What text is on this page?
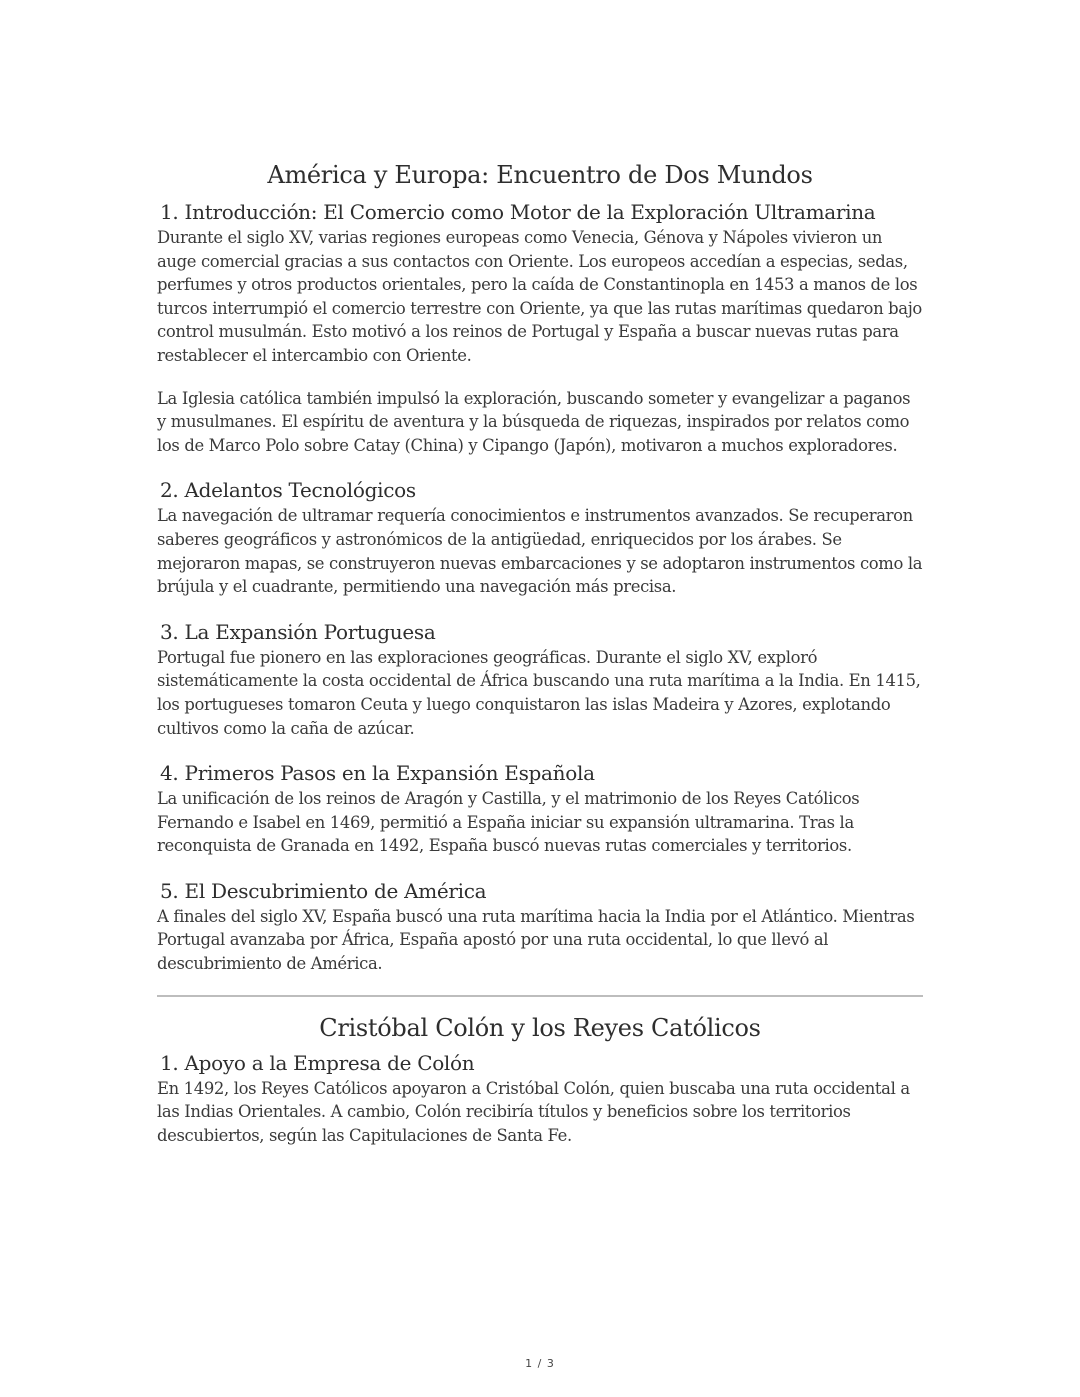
América y Europa: Encuentro de Dos Mundos
1. Introducción: El Comercio como Motor de la Exploración Ultramarina

Durante el siglo XV, varias regiones europeas como Venecia, Génova y Nápoles vivieron un auge comercial gracias a sus contactos con Oriente. Los europeos accedían a especias, sedas, perfumes y otros productos orientales, pero la caída de Constantinopla en 1453 a manos de los turcos interrumpió el comercio terrestre con Oriente, ya que las rutas marítimas quedaron bajo control musulmán. Esto motivó a los reinos de Portugal y España a buscar nuevas rutas para restablecer el intercambio con Oriente.

La Iglesia católica también impulsó la exploración, buscando someter y evangelizar a paganos y musulmanes. El espíritu de aventura y la búsqueda de riquezas, inspirados por relatos como los de Marco Polo sobre Catay (China) y Cipango (Japón), motivaron a muchos exploradores.

2. Adelantos Tecnológicos

La navegación de ultramar requería conocimientos e instrumentos avanzados. Se recuperaron saberes geográficos y astronómicos de la antigüedad, enriquecidos por los árabes. Se mejoraron mapas, se construyeron nuevas embarcaciones y se adoptaron instrumentos como la brújula y el cuadrante, permitiendo una navegación más precisa.

3. La Expansión Portuguesa

Portugal fue pionero en las exploraciones geográficas. Durante el siglo XV, exploró sistemáticamente la costa occidental de África buscando una ruta marítima a la India. En 1415, los portugueses tomaron Ceuta y luego conquistaron las islas Madeira y Azores, explotando cultivos como la caña de azúcar.

4. Primeros Pasos en la Expansión Española

La unificación de los reinos de Aragón y Castilla, y el matrimonio de los Reyes Católicos Fernando e Isabel en 1469, permitió a España iniciar su expansión ultramarina. Tras la reconquista de Granada en 1492, España buscó nuevas rutas comerciales y territorios.

5. El Descubrimiento de América

A finales del siglo XV, España buscó una ruta marítima hacia la India por el Atlántico. Mientras Portugal avanzaba por África, España apostó por una ruta occidental, lo que llevó al descubrimiento de América.

Cristóbal Colón y los Reyes Católicos
1. Apoyo a la Empresa de Colón

En 1492, los Reyes Católicos apoyaron a Cristóbal Colón, quien buscaba una ruta occidental a las Indias Orientales. A cambio, Colón recibiría títulos y beneficios sobre los territorios descubiertos, según las Capitulaciones de Santa Fe.

1 / 3
